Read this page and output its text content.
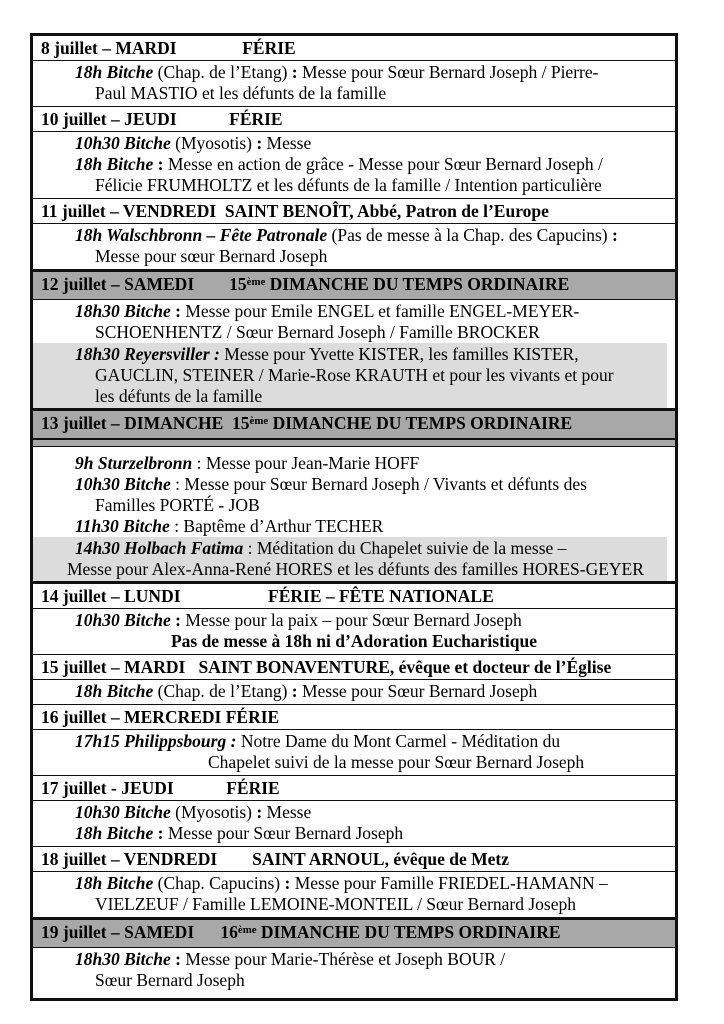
8 juillet – MARDI               FÉRIE
18h Bitche (Chap. de l’Etang) : Messe pour Sœur Bernard Joseph / Pierre-
Paul MASTIO et les défunts de la famille
10 juillet – JEUDI            FÉRIE
10h30 Bitche (Myosotis) : Messe
18h Bitche : Messe en action de grâce - Messe pour Sœur Bernard Joseph /
Félicie FRUMHOLTZ et les défunts de la famille / Intention particulière
11 juillet – VENDREDI  SAINT BENOÎT, Abbé, Patron de l’Europe
18h Walschbronn – Fête Patronale (Pas de messe à la Chap. des Capucins) :
Messe pour sœur Bernard Joseph
12 juillet – SAMEDI        15ème DIMANCHE DU TEMPS ORDINAIRE
18h30 Bitche : Messe pour Emile ENGEL et famille ENGEL-MEYER-
SCHOENHENTZ / Sœur Bernard Joseph / Famille BROCKER
18h30 Reyersviller : Messe pour Yvette KISTER, les familles KISTER,
GAUCLIN, STEINER / Marie-Rose KRAUTH et pour les vivants et pour
les défunts de la famille
13 juillet – DIMANCHE  15ème DIMANCHE DU TEMPS ORDINAIRE
9h Sturzelbronn : Messe pour Jean-Marie HOFF
10h30 Bitche : Messe pour Sœur Bernard Joseph / Vivants et défunts des
Familles PORTÉ - JOB
11h30 Bitche : Baptême d’Arthur TECHER
14h30 Holbach Fatima : Méditation du Chapelet suivie de la messe –
Messe pour Alex-Anna-René HORES et les défunts des familles HORES-GEYER
14 juillet – LUNDI                    FÉRIE – FÊTE NATIONALE
10h30 Bitche : Messe pour la paix – pour Sœur Bernard Joseph
Pas de messe à 18h ni d’Adoration Eucharistique
15 juillet – MARDI   SAINT BONAVENTURE, évêque et docteur de l’Église
18h Bitche (Chap. de l’Etang) : Messe pour Sœur Bernard Joseph
16 juillet – MERCREDI FÉRIE
17h15 Philippsbourg : Notre Dame du Mont Carmel - Méditation du
Chapelet suivi de la messe pour Sœur Bernard Joseph
17 juillet - JEUDI            FÉRIE
10h30 Bitche (Myosotis) : Messe
18h Bitche : Messe pour Sœur Bernard Joseph
18 juillet – VENDREDI        SAINT ARNOUL, évêque de Metz
18h Bitche (Chap. Capucins) : Messe pour Famille FRIEDEL-HAMANN –
VIELZEUF / Famille LEMOINE-MONTEIL / Sœur Bernard Joseph
19 juillet – SAMEDI      16ème DIMANCHE DU TEMPS ORDINAIRE
18h30 Bitche : Messe pour Marie-Thérèse et Joseph BOUR /
Sœur Bernard Joseph
